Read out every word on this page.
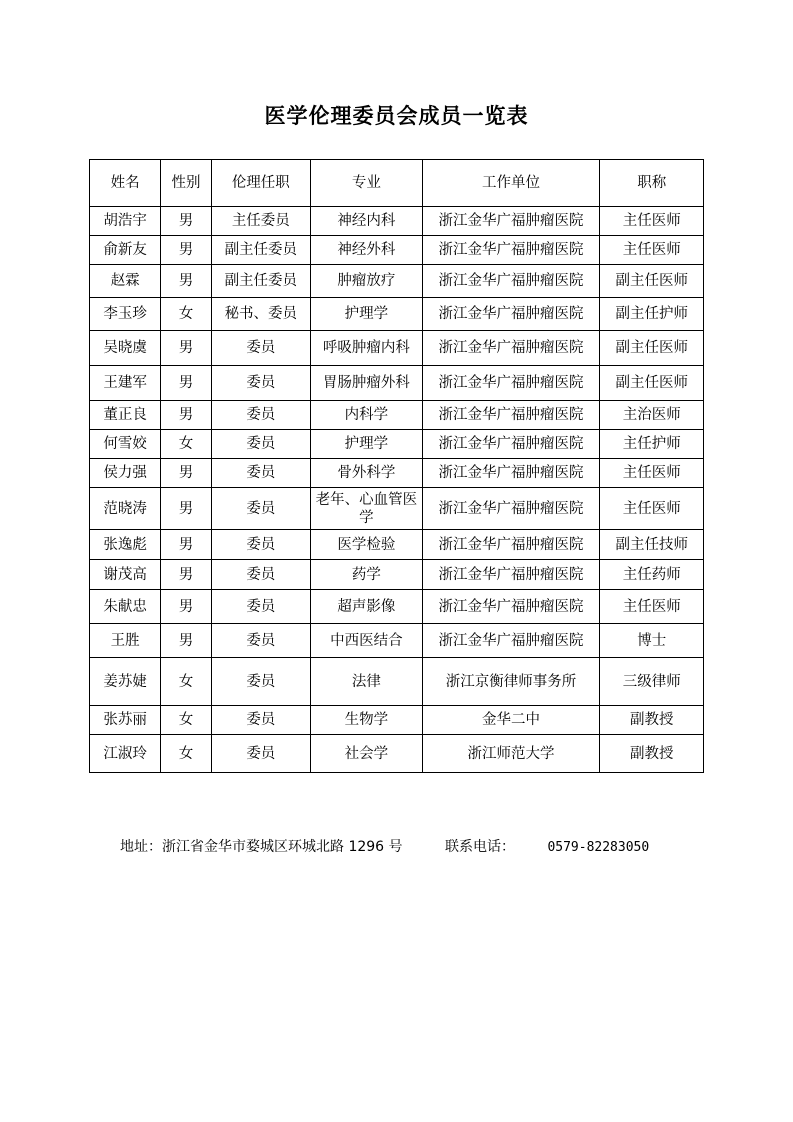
医学伦理委员会成员一览表
姓名	性别	伦理任职	专业	工作单位	职称
胡浩宇	男	主任委员	神经内科	浙江金华广福肿瘤医院	主任医师
俞新友	男	副主任委员	神经外科	浙江金华广福肿瘤医院	主任医师
赵霖	男	副主任委员	肿瘤放疗	浙江金华广福肿瘤医院	副主任医师
李玉珍	女	秘书、委员	护理学	浙江金华广福肿瘤医院	副主任护师
吴晓虞	男	委员	呼吸肿瘤内科	浙江金华广福肿瘤医院	副主任医师
王建军	男	委员	胃肠肿瘤外科	浙江金华广福肿瘤医院	副主任医师
董正良	男	委员	内科学	浙江金华广福肿瘤医院	主治医师
何雪姣	女	委员	护理学	浙江金华广福肿瘤医院	主任护师
侯力强	男	委员	骨外科学	浙江金华广福肿瘤医院	主任医师
范晓涛	男	委员	老年、心血管医学	浙江金华广福肿瘤医院	主任医师
张逸彪	男	委员	医学检验	浙江金华广福肿瘤医院	副主任技师
谢茂高	男	委员	药学	浙江金华广福肿瘤医院	主任药师
朱献忠	男	委员	超声影像	浙江金华广福肿瘤医院	主任医师
王胜	男	委员	中西医结合	浙江金华广福肿瘤医院	博士
姜苏婕	女	委员	法律	浙江京衡律师事务所	三级律师
张苏丽	女	委员	生物学	金华二中	副教授
江淑玲	女	委员	社会学	浙江师范大学	副教授
地址：浙江省金华市婺城区环城北路 1296 号	联系电话： 0579-82283050
